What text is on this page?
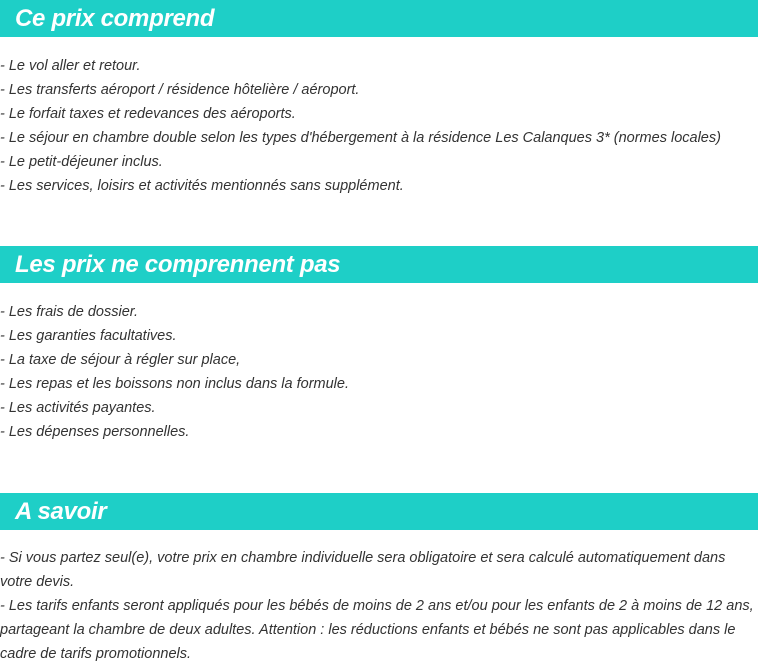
Ce prix comprend
- Le vol aller et retour.
- Les transferts aéroport / résidence hôtelière / aéroport.
- Le forfait taxes et redevances des aéroports.
- Le séjour en chambre double selon les types d'hébergement à la résidence Les Calanques 3* (normes locales)
- Le petit-déjeuner inclus.
- Les services, loisirs et activités mentionnés sans supplément.
Les prix ne comprennent pas
- Les frais de dossier.
- Les garanties facultatives.
- La taxe de séjour à régler sur place,
- Les repas et les boissons non inclus dans la formule.
- Les activités payantes.
- Les dépenses personnelles.
A savoir
- Si vous partez seul(e), votre prix en chambre individuelle sera obligatoire et sera calculé automatiquement dans votre devis.
- Les tarifs enfants seront appliqués pour les bébés de moins de 2 ans et/ou pour les enfants de 2 à moins de 12 ans, partageant la chambre de deux adultes. Attention : les réductions enfants et bébés ne sont pas applicables dans le cadre de tarifs promotionnels.
